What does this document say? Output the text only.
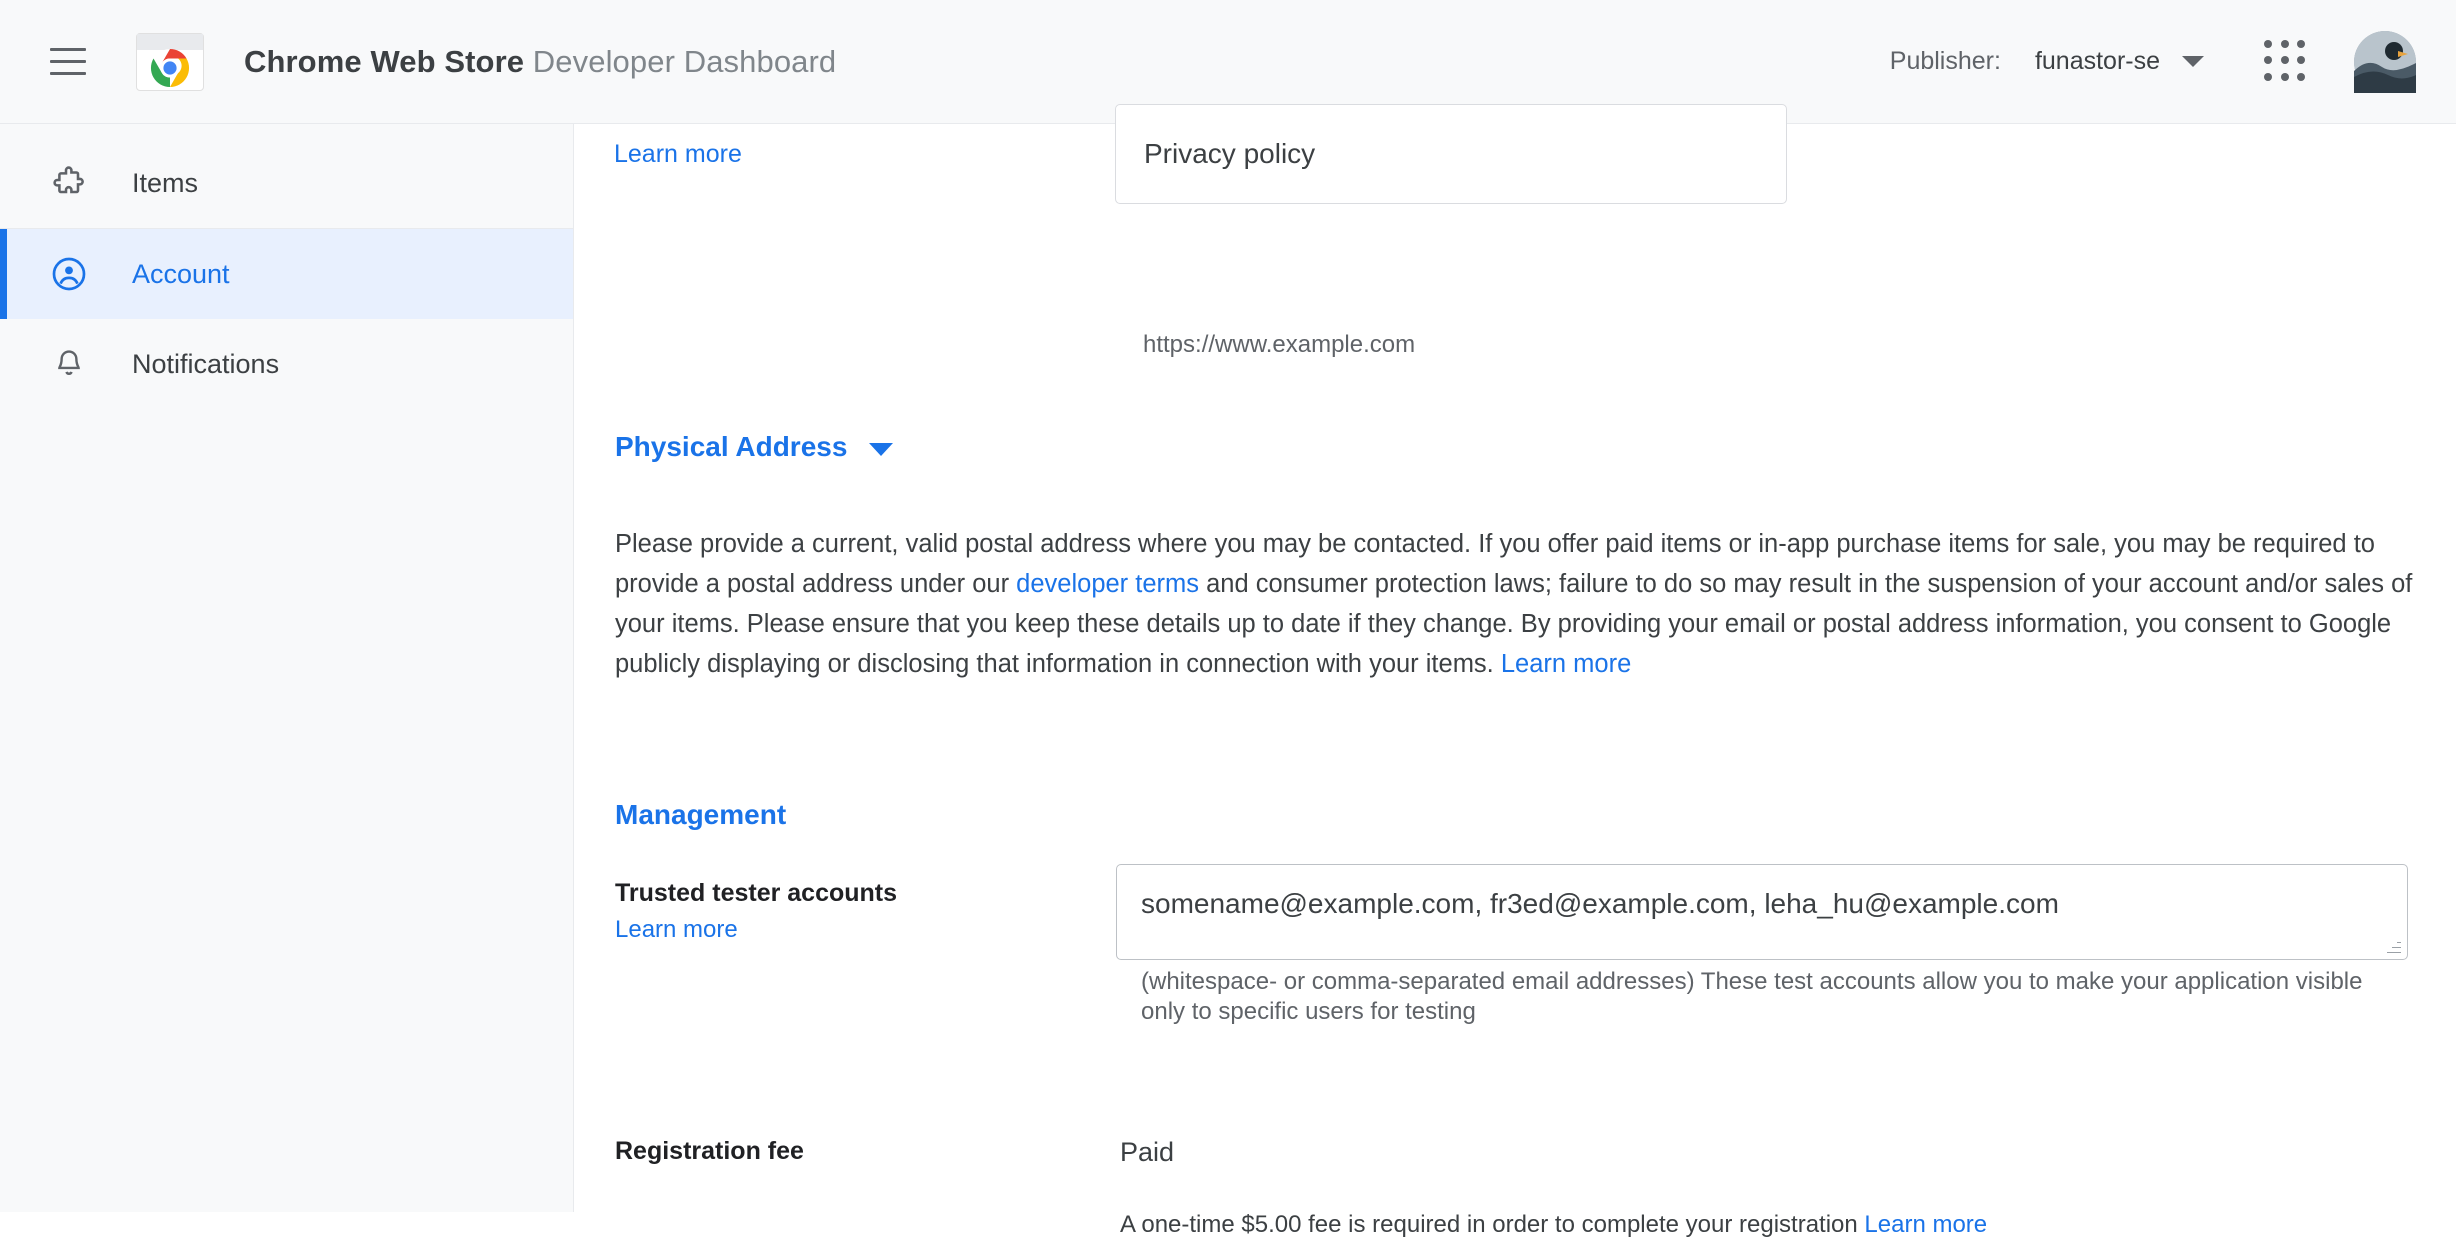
Chrome Web Store Developer Dashboard	Publisher: funastor-se
Items
Account
Notifications
Learn more	Privacy policy
https://www.example.com
Physical Address
Please provide a current, valid postal address where you may be contacted. If you offer paid items or in-app purchase items for sale, you may be required to provide a postal address under our developer terms and consumer protection laws; failure to do so may result in the suspension of your account and/or sales of your items. Please ensure that you keep these details up to date if they change. By providing your email or postal address information, you consent to Google publicly displaying or disclosing that information in connection with your items. Learn more
Management
Trusted tester accounts
Learn more
somename@example.com, fr3ed@example.com, leha_hu@example.com
(whitespace- or comma-separated email addresses) These test accounts allow you to make your application visible only to specific users for testing
Registration fee	Paid
A one-time $5.00 fee is required in order to complete your registration Learn more
